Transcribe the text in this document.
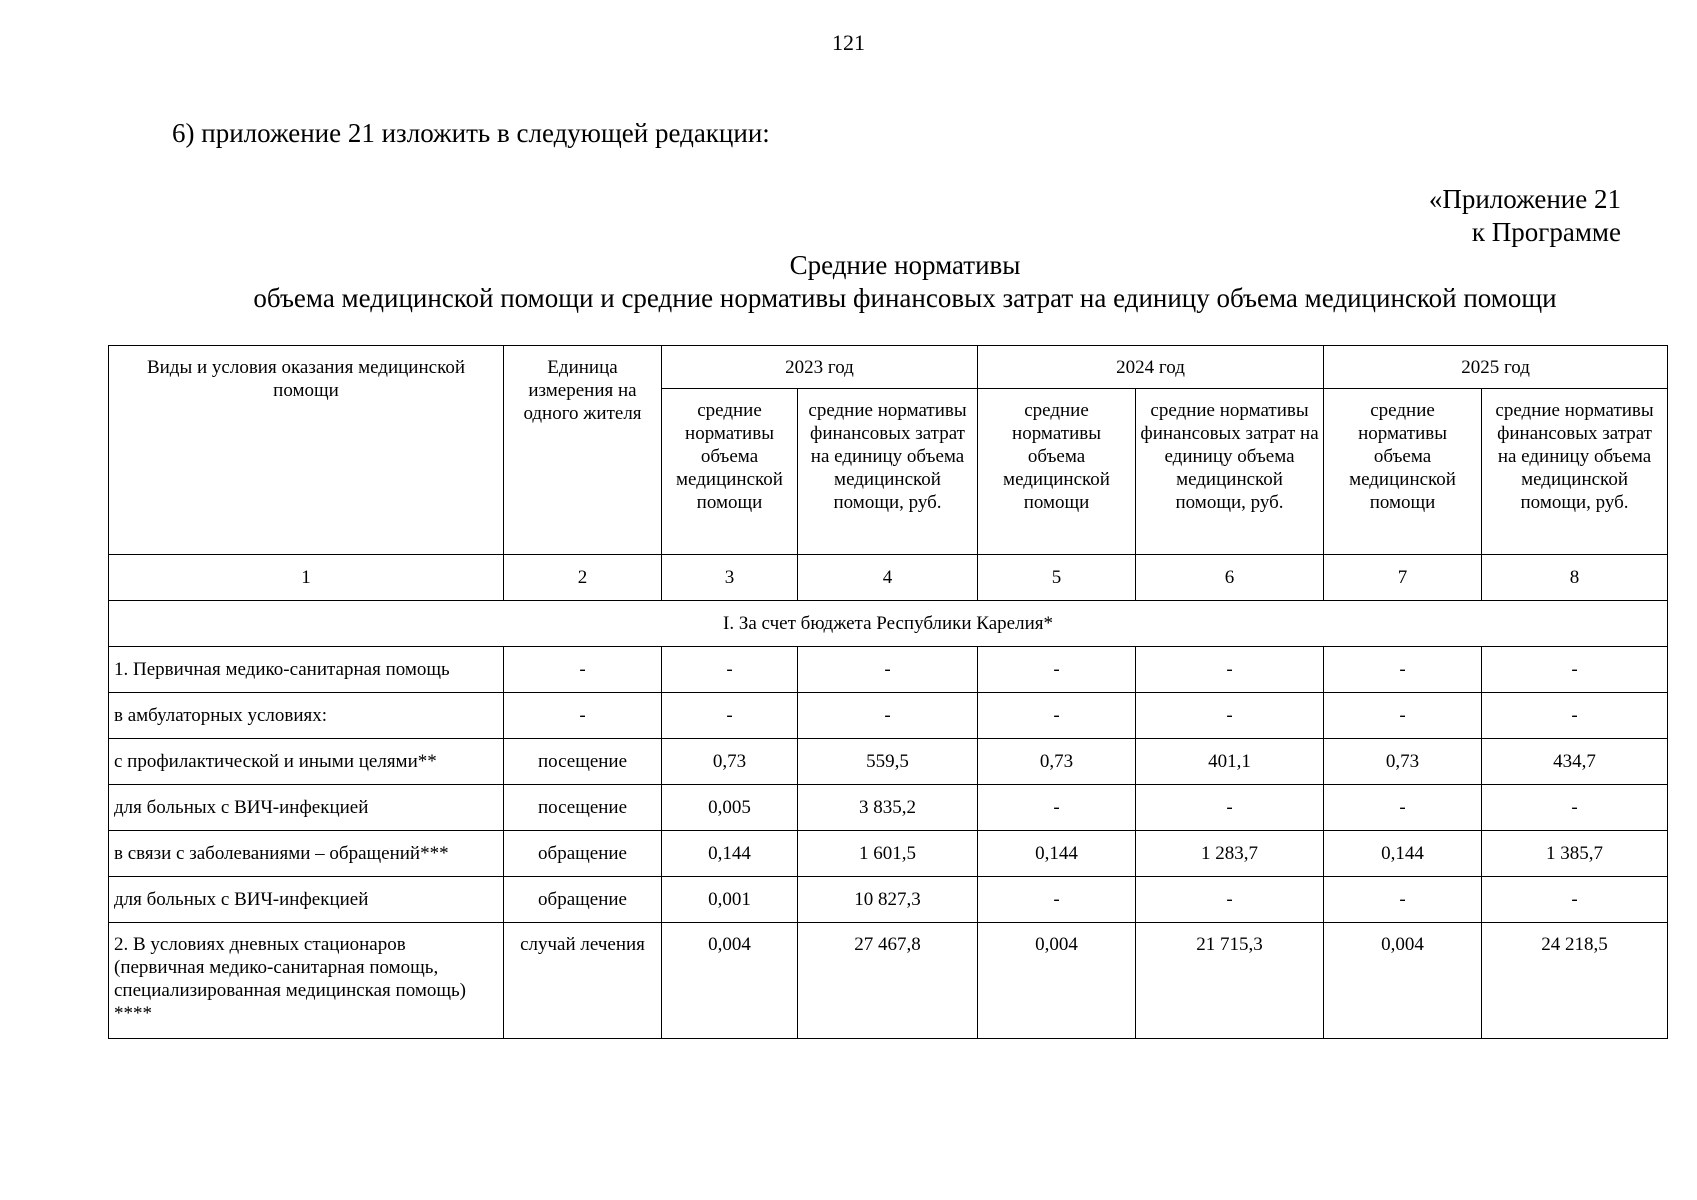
121
6) приложение 21 изложить в следующей редакции:
«Приложение 21
к Программе
Средние нормативы
объема медицинской помощи и средние нормативы финансовых затрат на единицу объема медицинской помощи
Виды и условия оказания медицинской помощи	Единица измерения на одного жителя	2023 год		2024 год		2025 год	
		средние нормативы объема медицинской помощи	средние нормативы финансовых затрат на единицу объема медицинской помощи, руб.	средние нормативы объема медицинской помощи	средние нормативы финансовых затрат на единицу объема медицинской помощи, руб.	средние нормативы объема медицинской помощи	средние нормативы финансовых затрат на единицу объема медицинской помощи, руб.
1	2	3	4	5	6	7	8
I. За счет бюджета Республики Карелия*							
1. Первичная медико-санитарная помощь	-	-	-	-	-	-	-
в амбулаторных условиях:	-	-	-	-	-	-	-
с профилактической и иными целями**	посещение	0,73	559,5	0,73	401,1	0,73	434,7
для больных с ВИЧ-инфекцией	посещение	0,005	3 835,2	-	-	-	-
в связи с заболеваниями – обращений***	обращение	0,144	1 601,5	0,144	1 283,7	0,144	1 385,7
для больных с ВИЧ-инфекцией	обращение	0,001	10 827,3	-	-	-	-
2. В условиях дневных стационаров (первичная медико-санитарная помощь, специализированная медицинская помощь) ****	случай лечения	0,004	27 467,8	0,004	21 715,3	0,004	24 218,5
